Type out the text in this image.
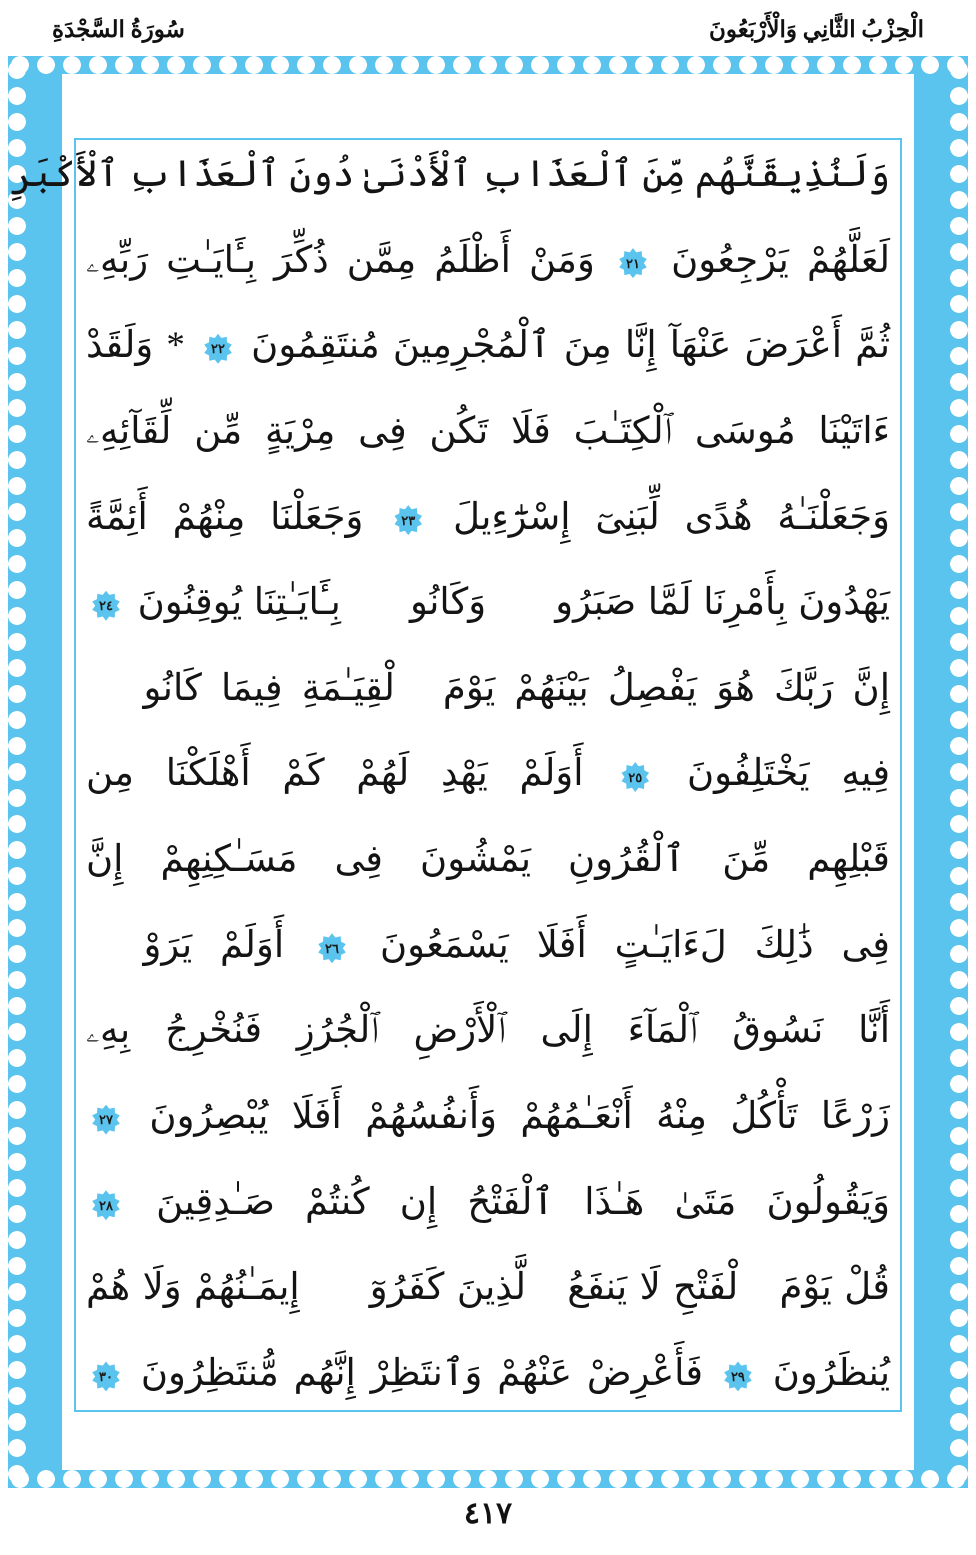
سُورَةُ السَّجْدَةِ	الْحِزْبُ الثَّانِي وَالْأَرْبَعُونَ
وَلَنُذِيقَنَّهُم مِّنَ ٱلْعَذَابِ ٱلْأَدْنَىٰ دُونَ ٱلْعَذَابِ ٱلْأَكْبَرِ
لَعَلَّهُمْ يَرْجِعُونَ
٢١
وَمَنْ أَظْلَمُ مِمَّن ذُكِّرَ بِـَٔايَـٰتِ رَبِّهِۦ
ثُمَّ أَعْرَضَ عَنْهَآ إِنَّا مِنَ ٱلْمُجْرِمِينَ مُنتَقِمُونَ
٢٢
* وَلَقَدْ
ءَاتَيْنَا مُوسَى ٱلْكِتَـٰبَ فَلَا تَكُن فِى مِرْيَةٍ مِّن لِّقَآئِهِۦ
وَجَعَلْنَـٰهُ هُدًى لِّبَنِىٓ إِسْرَٰٓءِيلَ
٢٣
وَجَعَلْنَا مِنْهُمْ أَئِمَّةً
يَهْدُونَ بِأَمْرِنَا لَمَّا صَبَرُوا۟ وَكَانُوا۟ بِـَٔايَـٰتِنَا يُوقِنُونَ
٢٤
إِنَّ رَبَّكَ هُوَ يَفْصِلُ بَيْنَهُمْ يَوْمَ ٱلْقِيَـٰمَةِ فِيمَا كَانُوا۟
فِيهِ يَخْتَلِفُونَ
٢٥
أَوَلَمْ يَهْدِ لَهُمْ كَمْ أَهْلَكْنَا مِن
قَبْلِهِم مِّنَ ٱلْقُرُونِ يَمْشُونَ فِى مَسَـٰكِنِهِمْ إِنَّ
فِى ذَٰلِكَ لَءَايَـٰتٍ أَفَلَا يَسْمَعُونَ
٢٦
أَوَلَمْ يَرَوْا۟
أَنَّا نَسُوقُ ٱلْمَآءَ إِلَى ٱلْأَرْضِ ٱلْجُرُزِ فَنُخْرِجُ بِهِۦ
زَرْعًا تَأْكُلُ مِنْهُ أَنْعَـٰمُهُمْ وَأَنفُسُهُمْ أَفَلَا يُبْصِرُونَ
٢٧
وَيَقُولُونَ مَتَىٰ هَـٰذَا ٱلْفَتْحُ إِن كُنتُمْ صَـٰدِقِينَ
٢٨
قُلْ يَوْمَ ٱلْفَتْحِ لَا يَنفَعُ ٱلَّذِينَ كَفَرُوٓا۟ إِيمَـٰنُهُمْ وَلَا هُمْ
يُنظَرُونَ
٢٩
فَأَعْرِضْ عَنْهُمْ وَٱنتَظِرْ إِنَّهُم مُّنتَظِرُونَ
٣٠
٤١٧
